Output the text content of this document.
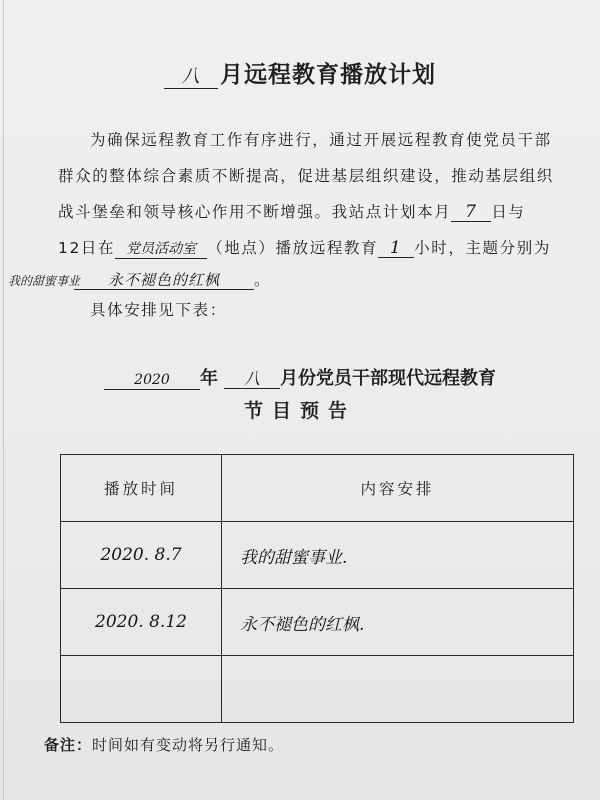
八 月远程教育播放计划
为确保远程教育工作有序进行，通过开展远程教育使党员干部
群众的整体综合素质不断提高，促进基层组织建设，推动基层组织
战斗堡垒和领导核心作用不断增强。我站点计划本月 7 日与
12日在 党员活动室 （地点）播放远程教育 1 小时，主题分别为
我的甜蜜事业 永不褪色的红枫 。
具体安排见下表：
2020 年 八 月份党员干部现代远程教育
节目预告
播放时间	内容安排
2020. 8.7	我的甜蜜事业.
2020. 8.12	永不褪色的红枫.

备注：时间如有变动将另行通知。
